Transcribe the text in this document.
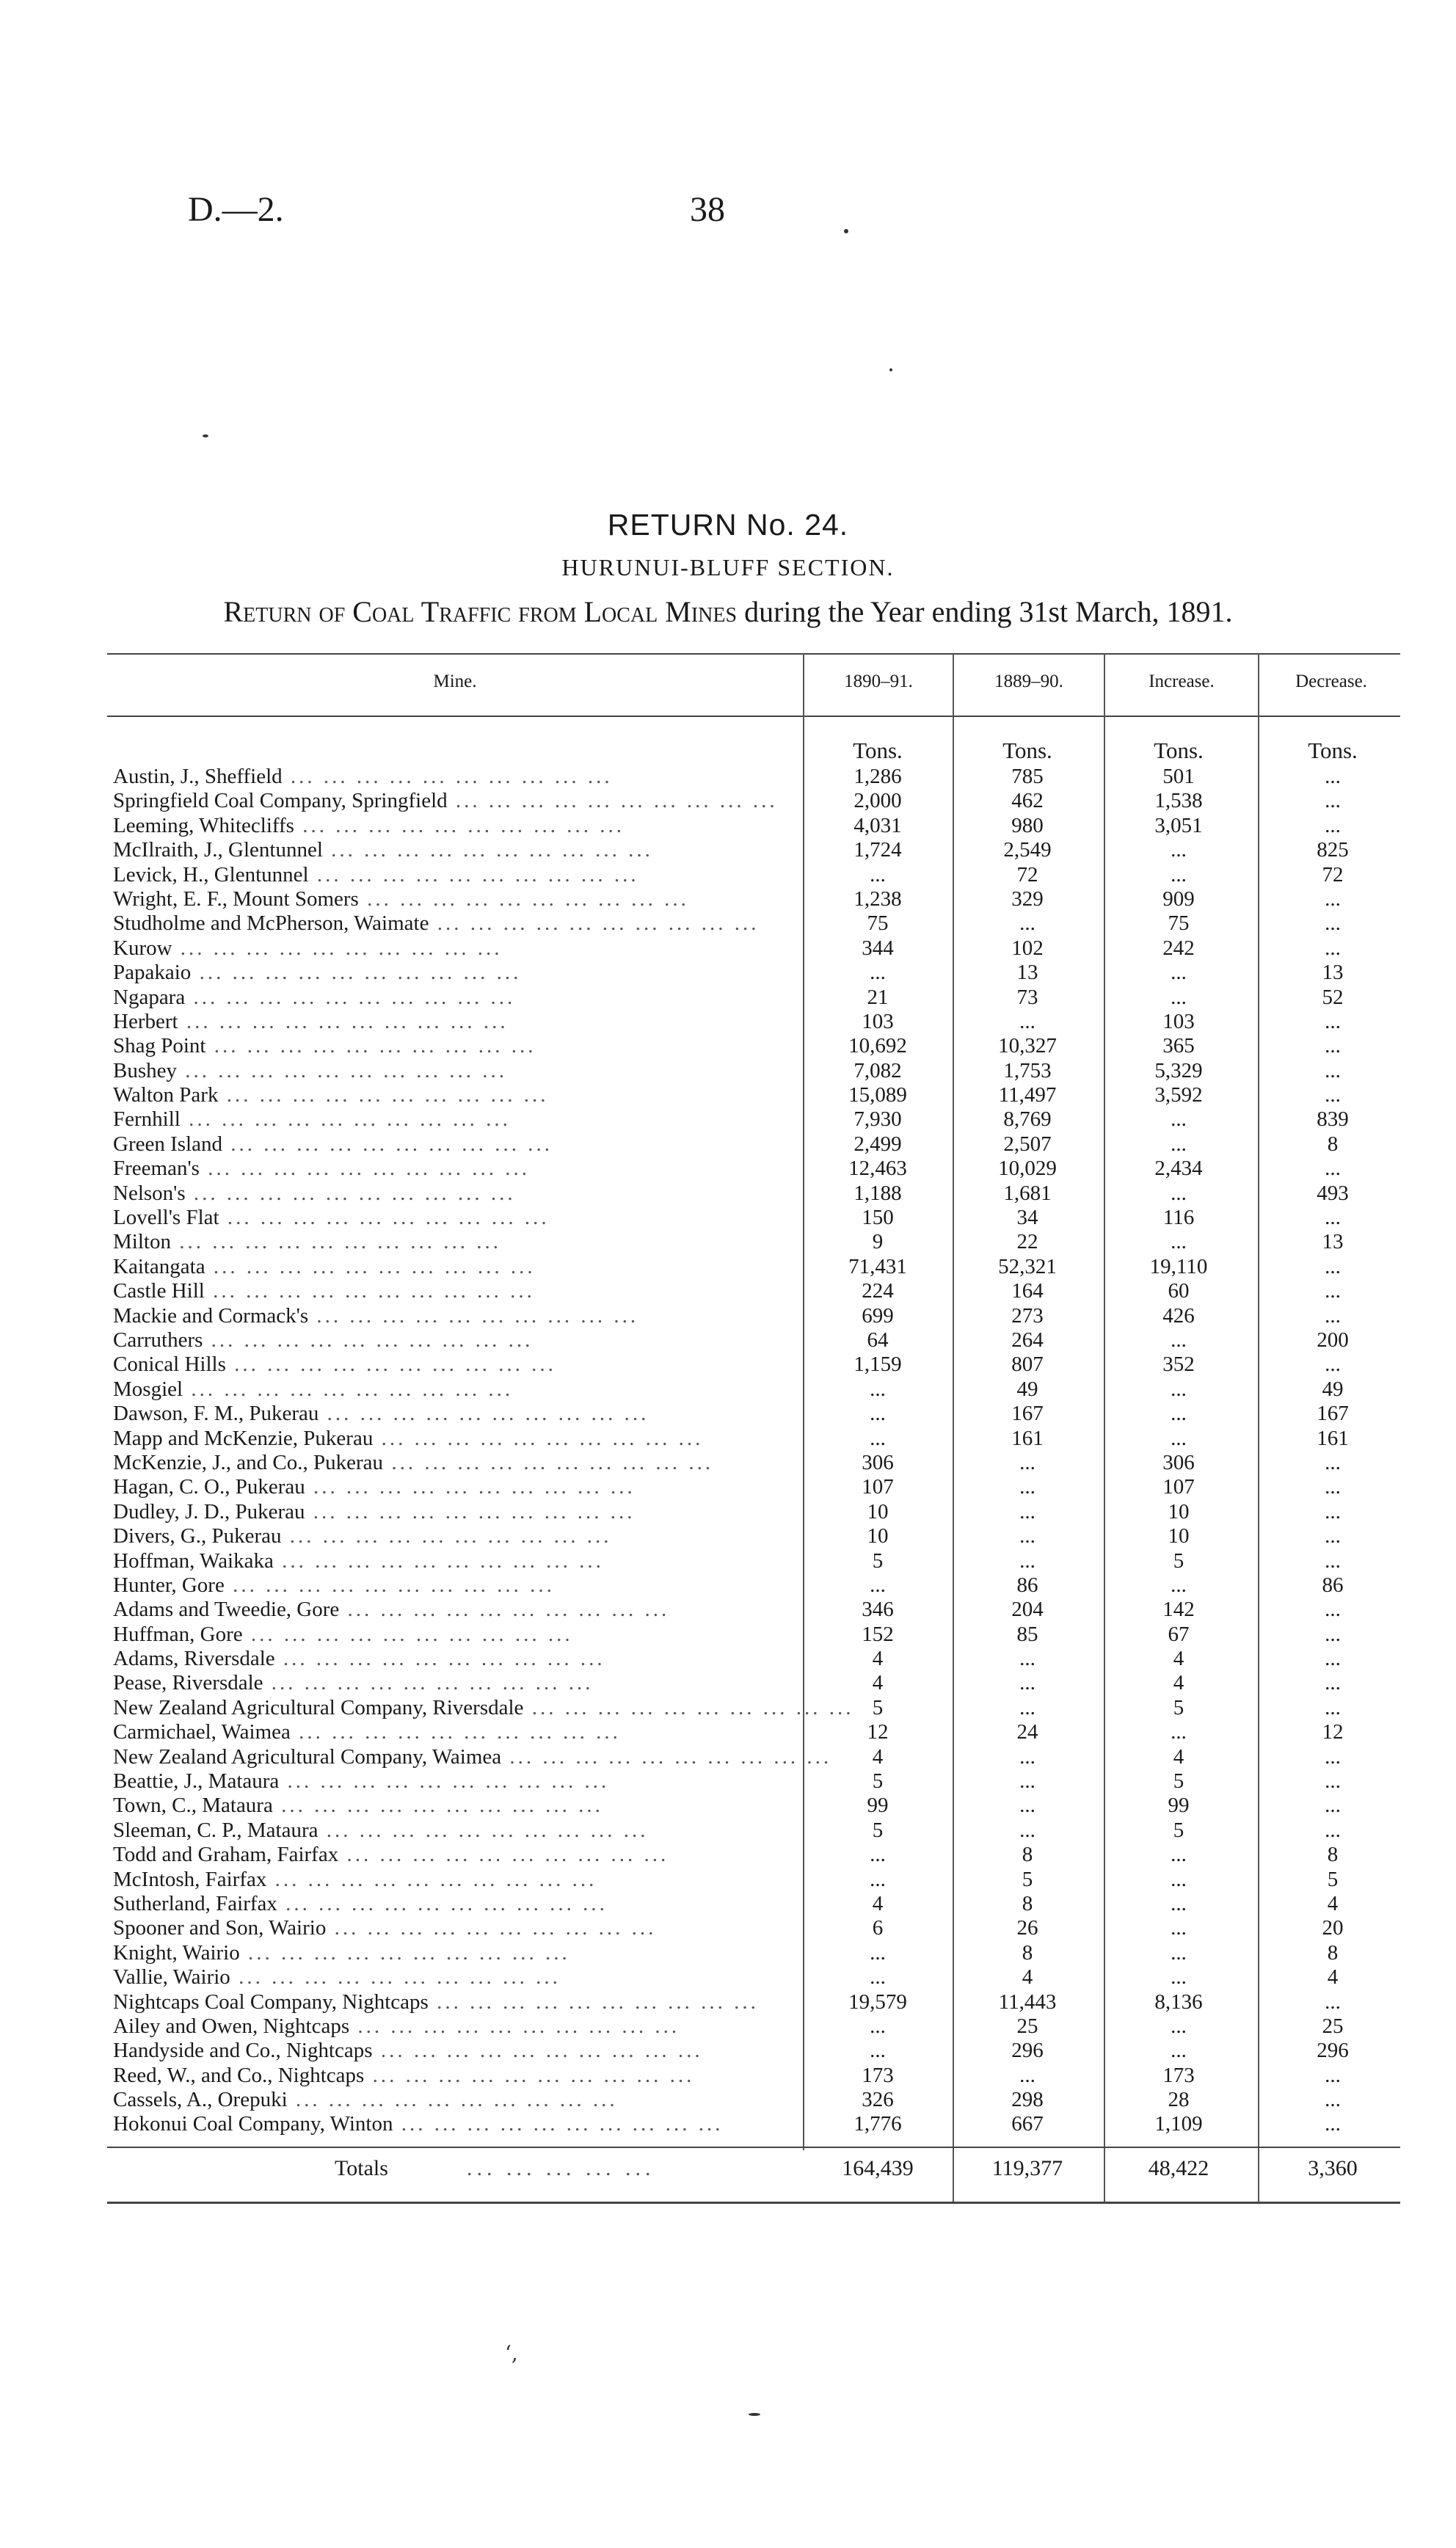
D.—2.	38
RETURN No. 24.
HURUNUI-BLUFF SECTION.
Return of Coal Traffic from Local Mines during the Year ending 31st March, 1891.
Mine.	1890–91.	1889–90.	Increase.	Decrease.
Tons.	Tons.	Tons.	Tons.
Austin, J., Sheffield ... ... ... ... ... ... ... ... ... ...	1,286	785	501	...
Springfield Coal Company, Springfield ... ... ... ... ... ... ... ... ... ...	2,000	462	1,538	...
Leeming, Whitecliffs ... ... ... ... ... ... ... ... ... ...	4,031	980	3,051	...
McIlraith, J., Glentunnel ... ... ... ... ... ... ... ... ... ...	1,724	2,549	...	825
Levick, H., Glentunnel ... ... ... ... ... ... ... ... ... ...	...	72	...	72
Wright, E. F., Mount Somers ... ... ... ... ... ... ... ... ... ...	1,238	329	909	...
Studholme and McPherson, Waimate ... ... ... ... ... ... ... ... ... ...	75	...	75	...
Kurow ... ... ... ... ... ... ... ... ... ...	344	102	242	...
Papakaio ... ... ... ... ... ... ... ... ... ...	...	13	...	13
Ngapara ... ... ... ... ... ... ... ... ... ...	21	73	...	52
Herbert ... ... ... ... ... ... ... ... ... ...	103	...	103	...
Shag Point ... ... ... ... ... ... ... ... ... ...	10,692	10,327	365	...
Bushey ... ... ... ... ... ... ... ... ... ...	7,082	1,753	5,329	...
Walton Park ... ... ... ... ... ... ... ... ... ...	15,089	11,497	3,592	...
Fernhill ... ... ... ... ... ... ... ... ... ...	7,930	8,769	...	839
Green Island ... ... ... ... ... ... ... ... ... ...	2,499	2,507	...	8
Freeman's ... ... ... ... ... ... ... ... ... ...	12,463	10,029	2,434	...
Nelson's ... ... ... ... ... ... ... ... ... ...	1,188	1,681	...	493
Lovell's Flat ... ... ... ... ... ... ... ... ... ...	150	34	116	...
Milton ... ... ... ... ... ... ... ... ... ...	9	22	...	13
Kaitangata ... ... ... ... ... ... ... ... ... ...	71,431	52,321	19,110	...
Castle Hill ... ... ... ... ... ... ... ... ... ...	224	164	60	...
Mackie and Cormack's ... ... ... ... ... ... ... ... ... ...	699	273	426	...
Carruthers ... ... ... ... ... ... ... ... ... ...	64	264	...	200
Conical Hills ... ... ... ... ... ... ... ... ... ...	1,159	807	352	...
Mosgiel ... ... ... ... ... ... ... ... ... ...	...	49	...	49
Dawson, F. M., Pukerau ... ... ... ... ... ... ... ... ... ...	...	167	...	167
Mapp and McKenzie, Pukerau ... ... ... ... ... ... ... ... ... ...	...	161	...	161
McKenzie, J., and Co., Pukerau ... ... ... ... ... ... ... ... ... ...	306	...	306	...
Hagan, C. O., Pukerau ... ... ... ... ... ... ... ... ... ...	107	...	107	...
Dudley, J. D., Pukerau ... ... ... ... ... ... ... ... ... ...	10	...	10	...
Divers, G., Pukerau ... ... ... ... ... ... ... ... ... ...	10	...	10	...
Hoffman, Waikaka ... ... ... ... ... ... ... ... ... ...	5	...	5	...
Hunter, Gore ... ... ... ... ... ... ... ... ... ...	...	86	...	86
Adams and Tweedie, Gore ... ... ... ... ... ... ... ... ... ...	346	204	142	...
Huffman, Gore ... ... ... ... ... ... ... ... ... ...	152	85	67	...
Adams, Riversdale ... ... ... ... ... ... ... ... ... ...	4	...	4	...
Pease, Riversdale ... ... ... ... ... ... ... ... ... ...	4	...	4	...
New Zealand Agricultural Company, Riversdale ... ... ... ... ... ... ... ... ... ... 5	...	5	...
Carmichael, Waimea ... ... ... ... ... ... ... ... ... ...	12	24	...	12
New Zealand Agricultural Company, Waimea ... ... ... ... ... ... ... ... ... ...	4	...	4	...
Beattie, J., Mataura ... ... ... ... ... ... ... ... ... ...	5	...	5	...
Town, C., Mataura ... ... ... ... ... ... ... ... ... ...	99	...	99	...
Sleeman, C. P., Mataura ... ... ... ... ... ... ... ... ... ...	5	...	5	...
Todd and Graham, Fairfax ... ... ... ... ... ... ... ... ... ...	...	8	...	8
McIntosh, Fairfax ... ... ... ... ... ... ... ... ... ...	...	5	...	5
Sutherland, Fairfax ... ... ... ... ... ... ... ... ... ...	4	8	...	4
Spooner and Son, Wairio ... ... ... ... ... ... ... ... ... ...	6	26	...	20
Knight, Wairio ... ... ... ... ... ... ... ... ... ...	...	8	...	8
Vallie, Wairio ... ... ... ... ... ... ... ... ... ...	...	4	...	4
Nightcaps Coal Company, Nightcaps ... ... ... ... ... ... ... ... ... ...	19,579	11,443	8,136	...
Ailey and Owen, Nightcaps ... ... ... ... ... ... ... ... ... ...	...	25	...	25
Handyside and Co., Nightcaps ... ... ... ... ... ... ... ... ... ...	...	296	...	296
Reed, W., and Co., Nightcaps ... ... ... ... ... ... ... ... ... ...	173	...	173	...
Cassels, A., Orepuki ... ... ... ... ... ... ... ... ... ...	326	298	28	...
Hokonui Coal Company, Winton ... ... ... ... ... ... ... ... ... ...	1,776	667	1,109	...
Totals	... ... ... ... ...	164,439	119,377	48,422	3,360
‘,
